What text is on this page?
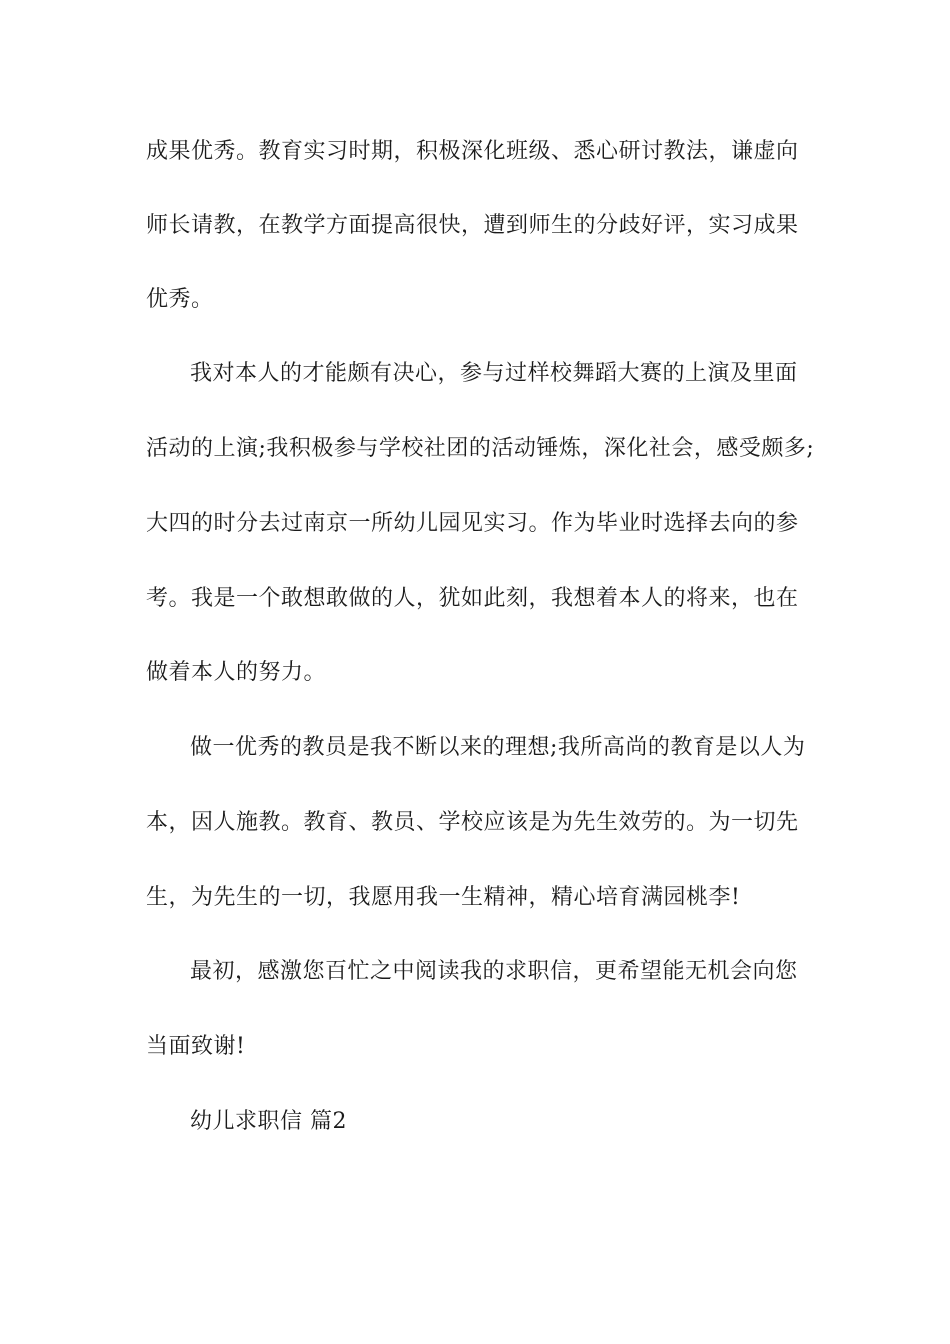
成果优秀。教育实习时期，积极深化班级、悉心研讨教法，谦虚向
师长请教，在教学方面提高很快，遭到师生的分歧好评，实习成果
优秀。
我对本人的才能颇有决心，参与过样校舞蹈大赛的上演及里面
活动的上演;我积极参与学校社团的活动锤炼，深化社会，感受颇多;
大四的时分去过南京一所幼儿园见实习。作为毕业时选择去向的参
考。我是一个敢想敢做的人，犹如此刻，我想着本人的将来，也在
做着本人的努力。
做一优秀的教员是我不断以来的理想;我所高尚的教育是以人为
本，因人施教。教育、教员、学校应该是为先生效劳的。为一切先
生，为先生的一切，我愿用我一生精神，精心培育满园桃李!
最初，感激您百忙之中阅读我的求职信，更希望能无机会向您
当面致谢!
幼儿求职信 篇2
